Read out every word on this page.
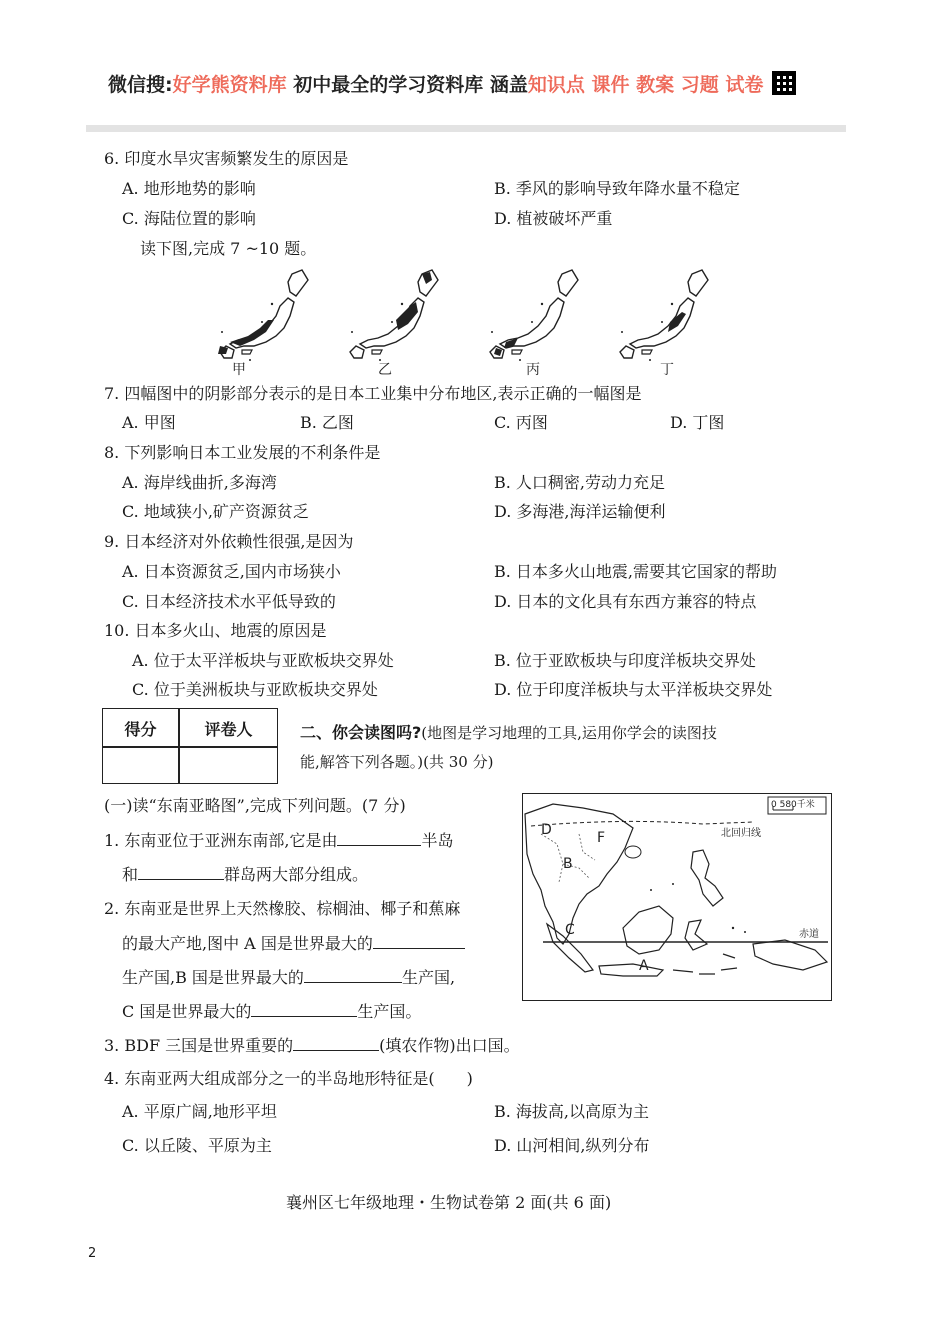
微信搜:好学熊资料库 初中最全的学习资料库 涵盖知识点 课件 教案 习题 试卷
6. 印度水旱灾害频繁发生的原因是
A. 地形地势的影响	B. 季风的影响导致年降水量不稳定
C. 海陆位置的影响	D. 植被破坏严重
读下图,完成 7 ~10 题。
甲	乙	丙	丁
7. 四幅图中的阴影部分表示的是日本工业集中分布地区,表示正确的一幅图是
A. 甲图	B. 乙图	C. 丙图	D. 丁图
8. 下列影响日本工业发展的不利条件是
A. 海岸线曲折,多海湾	B. 人口稠密,劳动力充足
C. 地域狭小,矿产资源贫乏	D. 多海港,海洋运输便利
9. 日本经济对外依赖性很强,是因为
A. 日本资源贫乏,国内市场狭小	B. 日本多火山地震,需要其它国家的帮助
C. 日本经济技术水平低导致的	D. 日本的文化具有东西方兼容的特点
10. 日本多火山、地震的原因是
A. 位于太平洋板块与亚欧板块交界处	B. 位于亚欧板块与印度洋板块交界处
C. 位于美洲板块与亚欧板块交界处	D. 位于印度洋板块与太平洋板块交界处
得分	评卷人	二、你会读图吗?(地图是学习地理的工具,运用你学会的读图技
能,解答下列各题。)(共 30 分)
(一)读“东南亚略图”,完成下列问题。(7 分)
1. 东南亚位于亚洲东南部,它是由	半岛
和	群岛两大部分组成。
2. 东南亚是世界上天然橡胶、棕榈油、椰子和蕉麻
的最大产地,图中 A 国是世界最大的
生产国,B 国是世界最大的	生产国,
C 国是世界最大的	生产国。
3. BDF 三国是世界重要的	(填农作物)出口国。
4. 东南亚两大组成部分之一的半岛地形特征是(　　)
A. 平原广阔,地形平坦	B. 海拔高,以高原为主
C. 以丘陵、平原为主	D. 山河相间,纵列分布
0 580千米
北回归线
赤道
D	F
B
C
A
襄州区七年级地理・生物试卷第 2 面(共 6 面)
2
